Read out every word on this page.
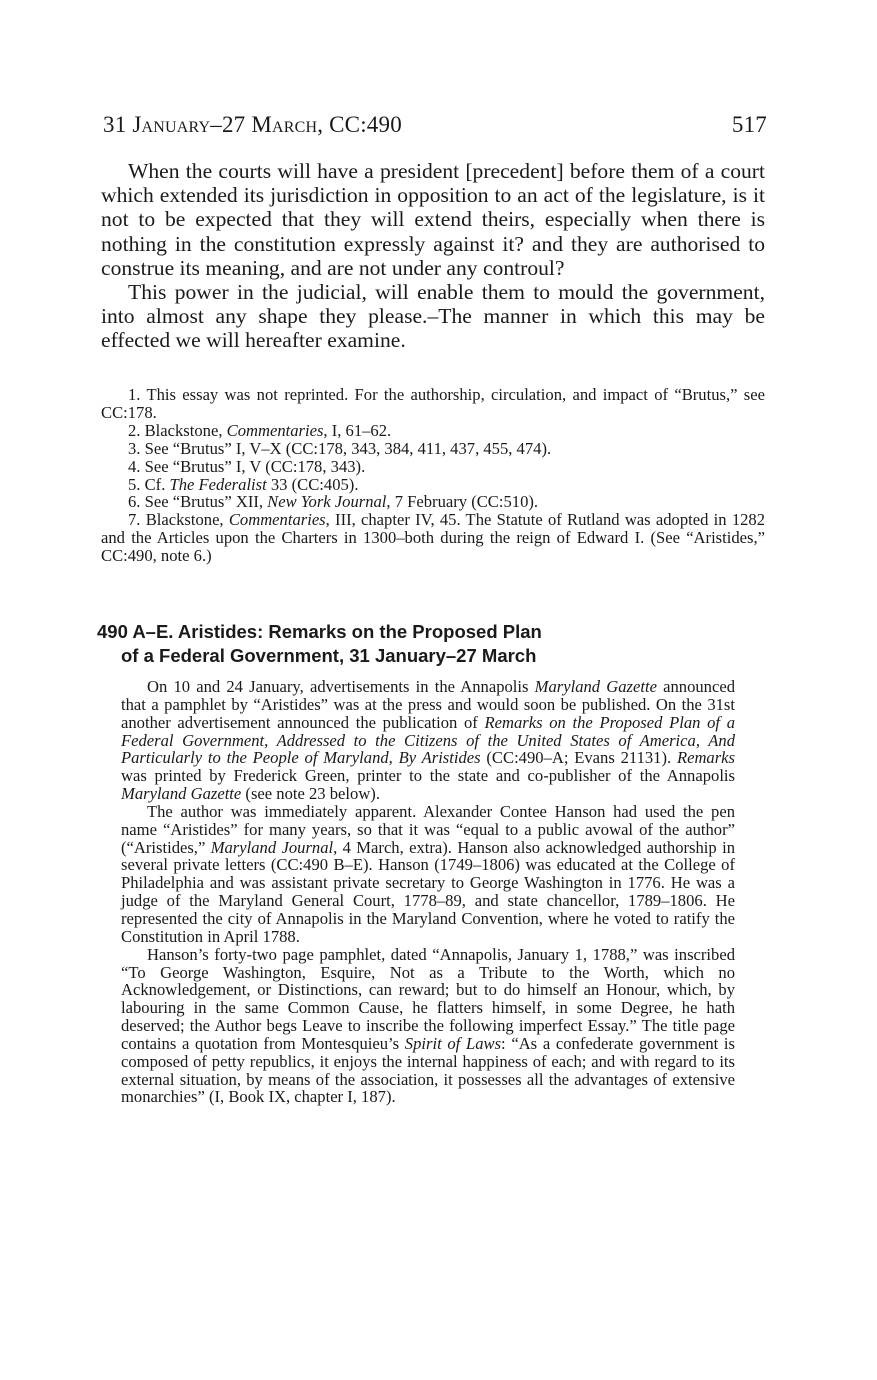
31 January–27 March, CC:490	517

When the courts will have a president [precedent] before them of a court which extended its jurisdiction in opposition to an act of the legislature, is it not to be expected that they will extend theirs, especially when there is nothing in the constitution expressly against it? and they are authorised to construe its meaning, and are not under any controul?

This power in the judicial, will enable them to mould the government, into almost any shape they please.–The manner in which this may be effected we will hereafter examine.

1. This essay was not reprinted. For the authorship, circulation, and impact of “Brutus,” see CC:178.

2. Blackstone, Commentaries, I, 61–62.

3. See “Brutus” I, V–X (CC:178, 343, 384, 411, 437, 455, 474).

4. See “Brutus” I, V (CC:178, 343).

5. Cf. The Federalist 33 (CC:405).

6. See “Brutus” XII, New York Journal, 7 February (CC:510).

7. Blackstone, Commentaries, III, chapter IV, 45. The Statute of Rutland was adopted in 1282 and the Articles upon the Charters in 1300–both during the reign of Edward I. (See “Aristides,” CC:490, note 6.)

490 A–E. Aristides: Remarks on the Proposed Plan
of a Federal Government, 31 January–27 March

On 10 and 24 January, advertisements in the Annapolis Maryland Gazette announced that a pamphlet by “Aristides” was at the press and would soon be published. On the 31st another advertisement announced the publication of Remarks on the Proposed Plan of a Federal Government, Addressed to the Citizens of the United States of America, And Particularly to the People of Maryland, By Aristides (CC:490–A; Evans 21131). Remarks was printed by Frederick Green, printer to the state and co-publisher of the Annapolis Maryland Gazette (see note 23 below).

The author was immediately apparent. Alexander Contee Hanson had used the pen name “Aristides” for many years, so that it was “equal to a public avowal of the author” (“Aristides,” Maryland Journal, 4 March, extra). Hanson also acknowledged authorship in several private letters (CC:490 B–E). Hanson (1749–1806) was educated at the College of Philadelphia and was assistant private secretary to George Washington in 1776. He was a judge of the Maryland General Court, 1778–89, and state chancellor, 1789–1806. He represented the city of Annapolis in the Maryland Convention, where he voted to ratify the Constitution in April 1788.

Hanson’s forty-two page pamphlet, dated “Annapolis, January 1, 1788,” was inscribed “To George Washington, Esquire, Not as a Tribute to the Worth, which no Acknowledgement, or Distinctions, can reward; but to do himself an Honour, which, by labouring in the same Common Cause, he flatters himself, in some Degree, he hath deserved; the Author begs Leave to inscribe the following imperfect Essay.” The title page contains a quotation from Montesquieu’s Spirit of Laws: “As a confederate government is composed of petty republics, it enjoys the internal happiness of each; and with regard to its external situation, by means of the association, it possesses all the advantages of extensive monarchies” (I, Book IX, chapter I, 187).
